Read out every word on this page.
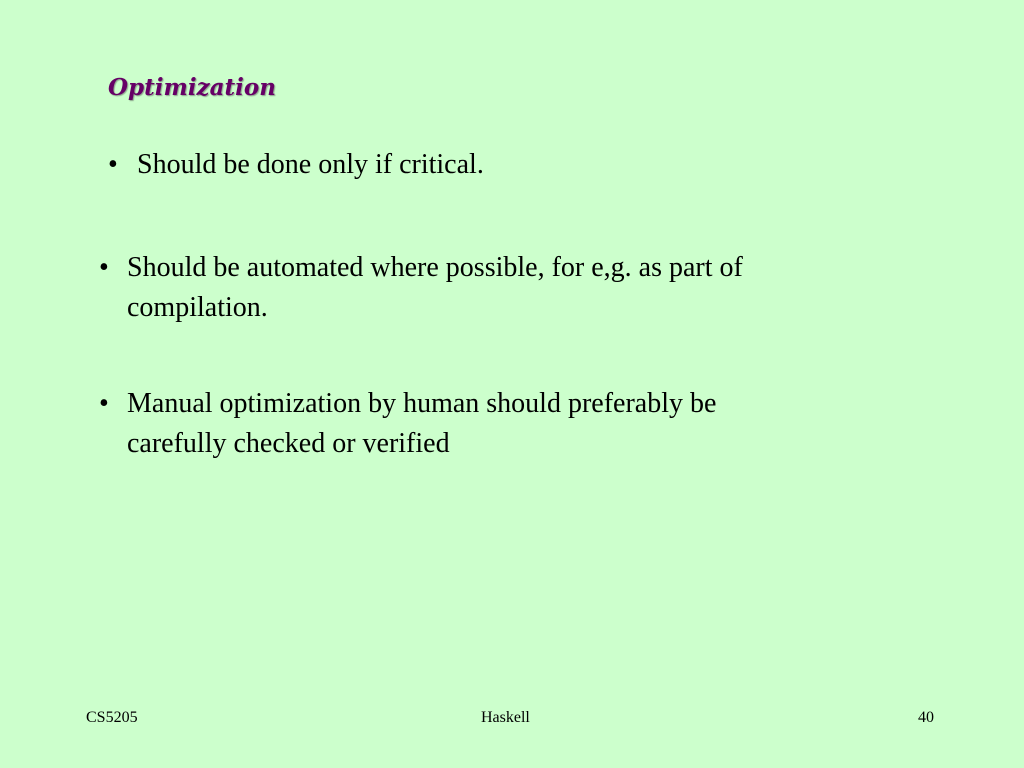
Optimization
• Should be done only if critical.
• Should be automated where possible, for e,g. as part of
compilation.
• Manual optimization by human should preferably be
carefully checked or verified
CS5205	Haskell	40
